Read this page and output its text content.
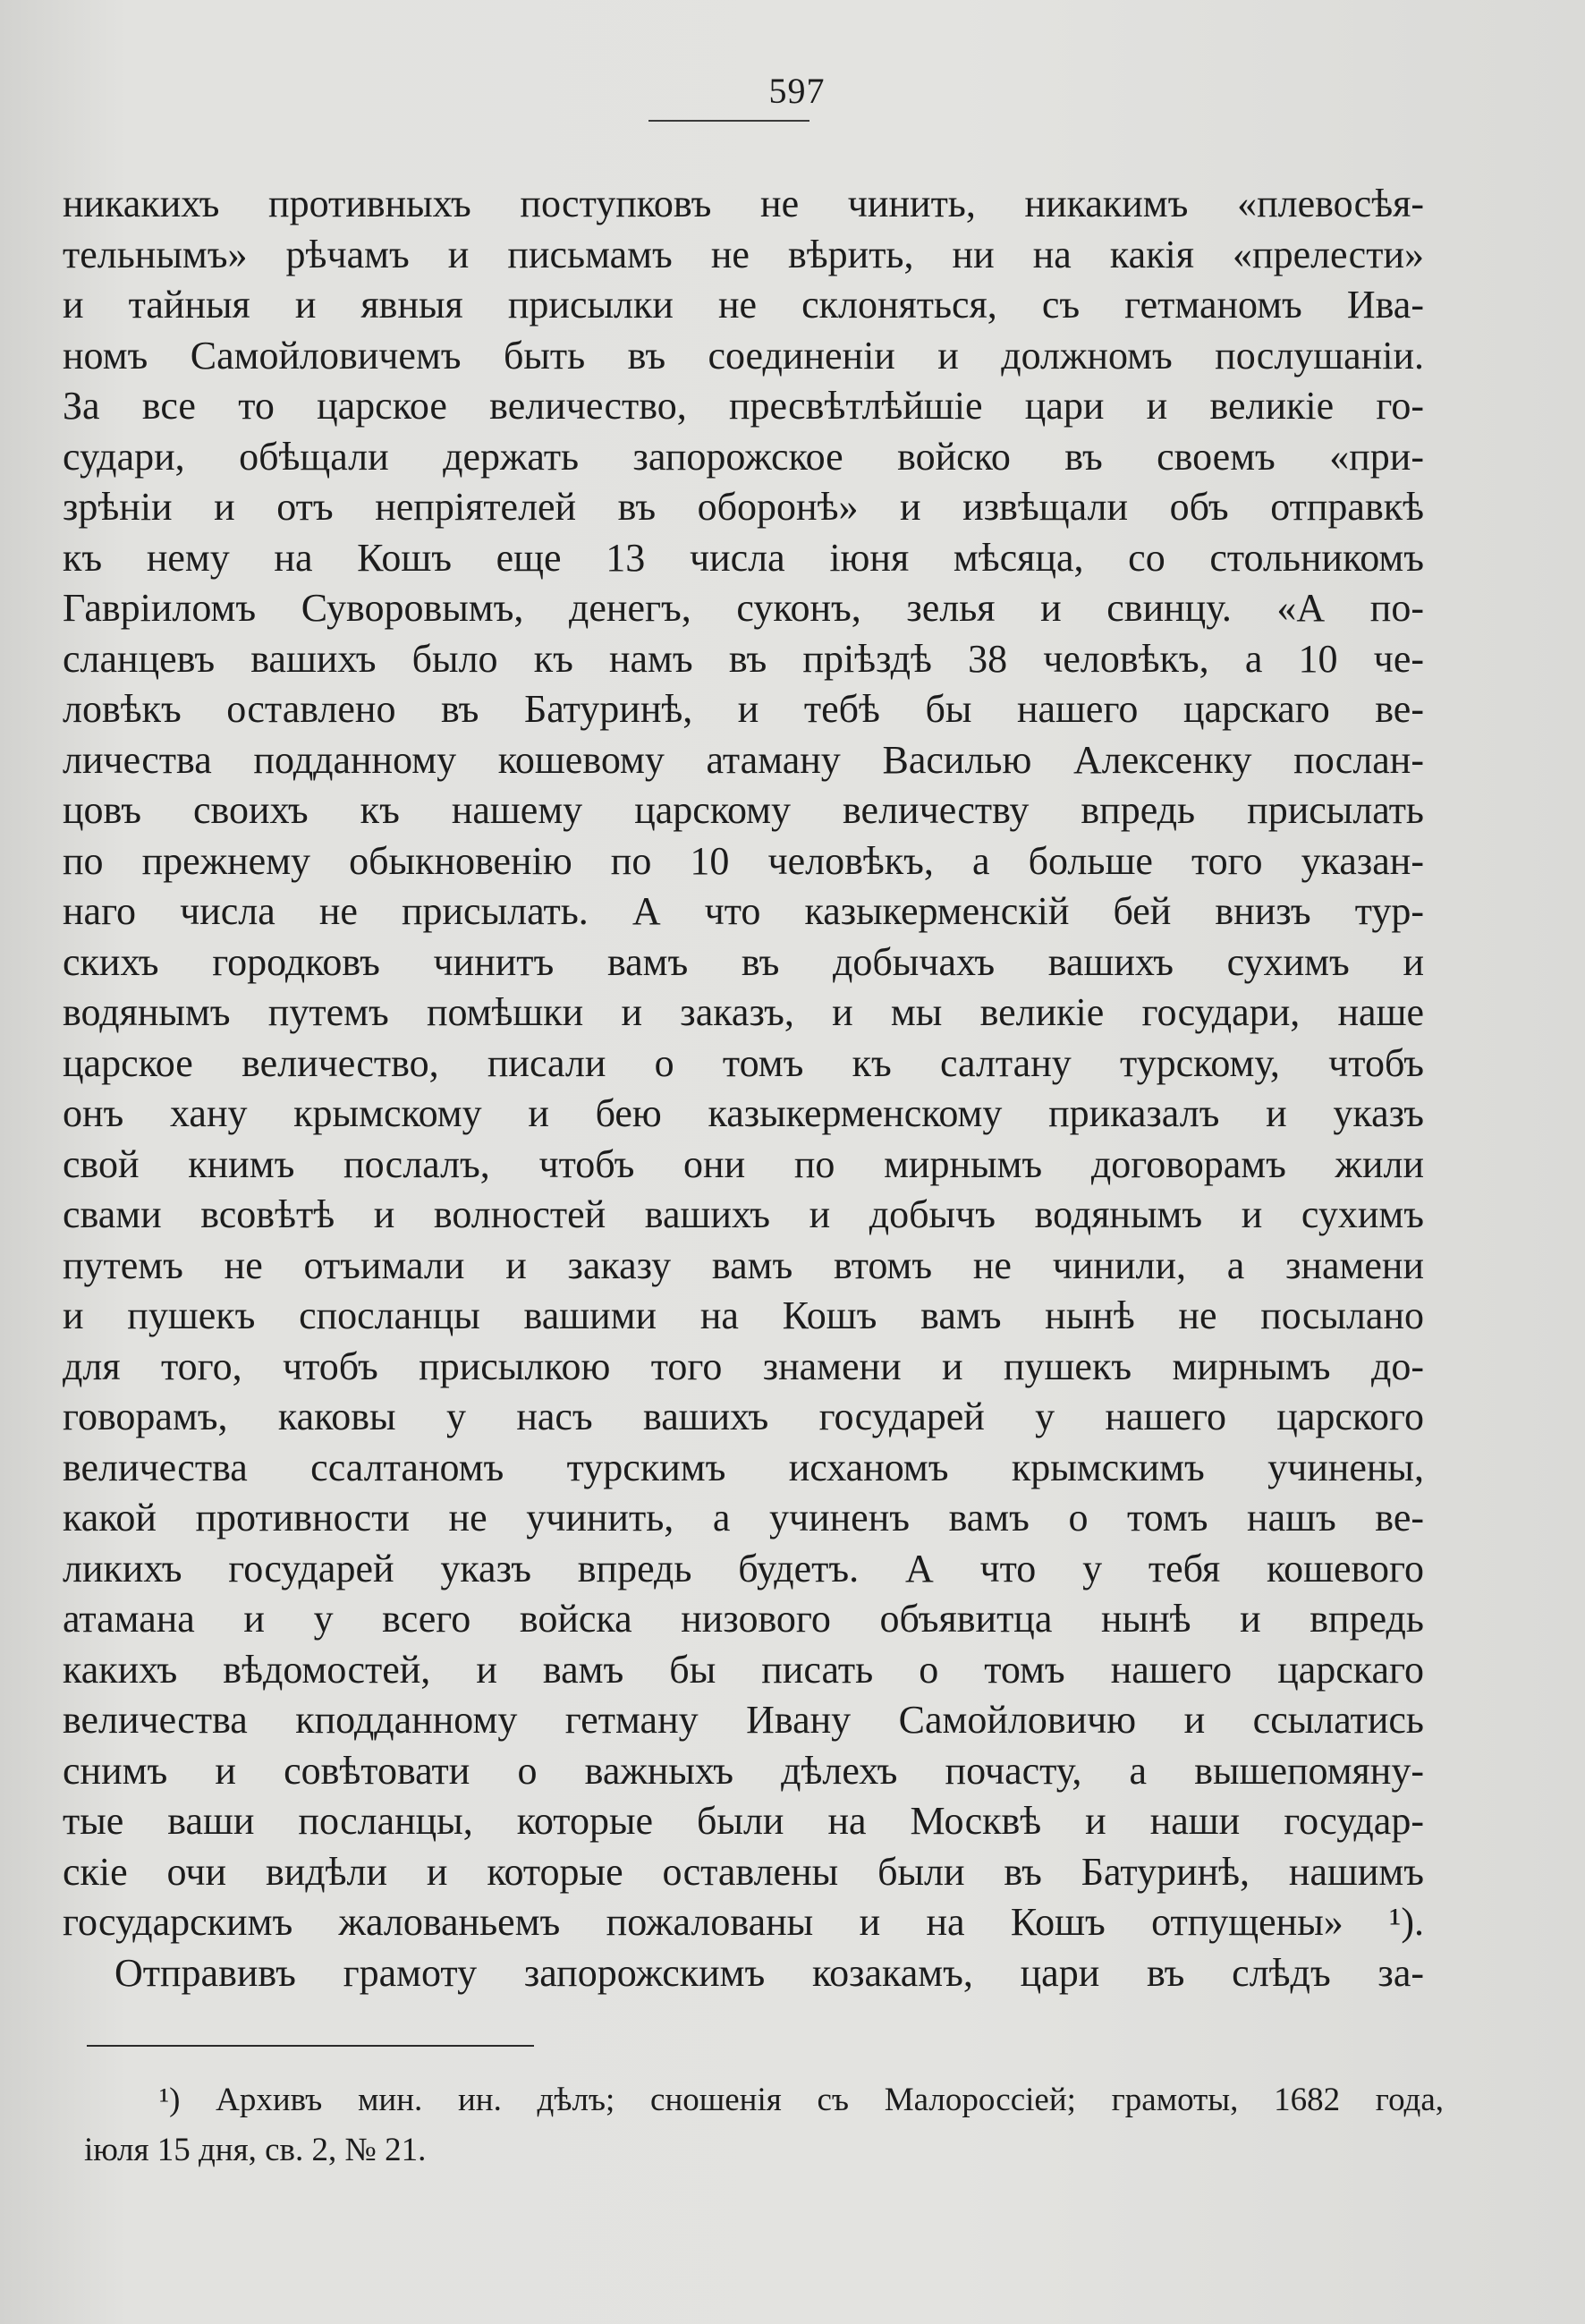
597
никакихъ противныхъ поступковъ не чинить, никакимъ «плевосѣя-
тельнымъ» рѣчамъ и письмамъ не вѣрить, ни на какія «прелести»
и тайныя и явныя присылки не склоняться, съ гетманомъ Ива-
номъ Самойловичемъ быть въ соединеніи и должномъ послушаніи.
За все то царское величество, пресвѣтлѣйшіе цари и великіе го-
судари, обѣщали держать запорожское войско въ своемъ «при-
зрѣніи и отъ непріятелей въ оборонѣ» и извѣщали объ отправкѣ
къ нему на Кошъ еще 13 числа іюня мѣсяца, со стольникомъ
Гавріиломъ Суворовымъ, денегъ, суконъ, зелья и свинцу. «А по-
сланцевъ вашихъ было къ намъ въ пріѣздѣ 38 человѣкъ, а 10 че-
ловѣкъ оставлено въ Батуринѣ, и тебѣ бы нашего царскаго ве-
личества подданному кошевому атаману Василью Алексенку послан-
цовъ своихъ къ нашему царскому величеству впредь присылать
по прежнему обыкновенію по 10 человѣкъ, а больше того указан-
наго числа не присылать. А что казыкерменскій бей внизъ тур-
скихъ городковъ чинитъ вамъ въ добычахъ вашихъ сухимъ и
водянымъ путемъ помѣшки и заказъ, и мы великіе государи, наше
царское величество, писали о томъ къ салтану турскому, чтобъ
онъ хану крымскому и бею казыкерменскому приказалъ и указъ
свой книмъ послалъ, чтобъ они по мирнымъ договорамъ жили
свами всовѣтѣ и волностей вашихъ и добычъ водянымъ и сухимъ
путемъ не отъимали и заказу вамъ втомъ не чинили, а знамени
и пушекъ споcланцы вашими на Кошъ вамъ нынѣ не посылано
для того, чтобъ присылкою того знамени и пушекъ мирнымъ до-
говорамъ, каковы у насъ вашихъ государей у нашего царского
величества ссалтаномъ турскимъ исханомъ крымскимъ учинены,
какой противности не учинить, а учиненъ вамъ о томъ нашъ ве-
ликихъ государей указъ впредь будетъ. А что у тебя кошевого
атамана и у всего войска низового объявитца нынѣ и впредь
какихъ вѣдомостей, и вамъ бы писать о томъ нашего царскаго
величества кподданному гетману Ивану Самойловичю и ссылатись
снимъ и совѣтовати о важныхъ дѣлехъ почасту, а вышепомяну-
тые ваши посланцы, которые были на Москвѣ и наши государ-
скіе очи видѣли и которые оставлены были въ Батуринѣ, нашимъ
государскимъ жалованьемъ пожалованы и на Кошъ отпущены» ¹).
Отправивъ грамоту запорожскимъ козакамъ, цари въ слѣдъ за-
¹) Архивъ мин. ин. дѣлъ; сношенія съ Малороссіей; грамоты, 1682 года,
іюля 15 дня, св. 2, № 21.
